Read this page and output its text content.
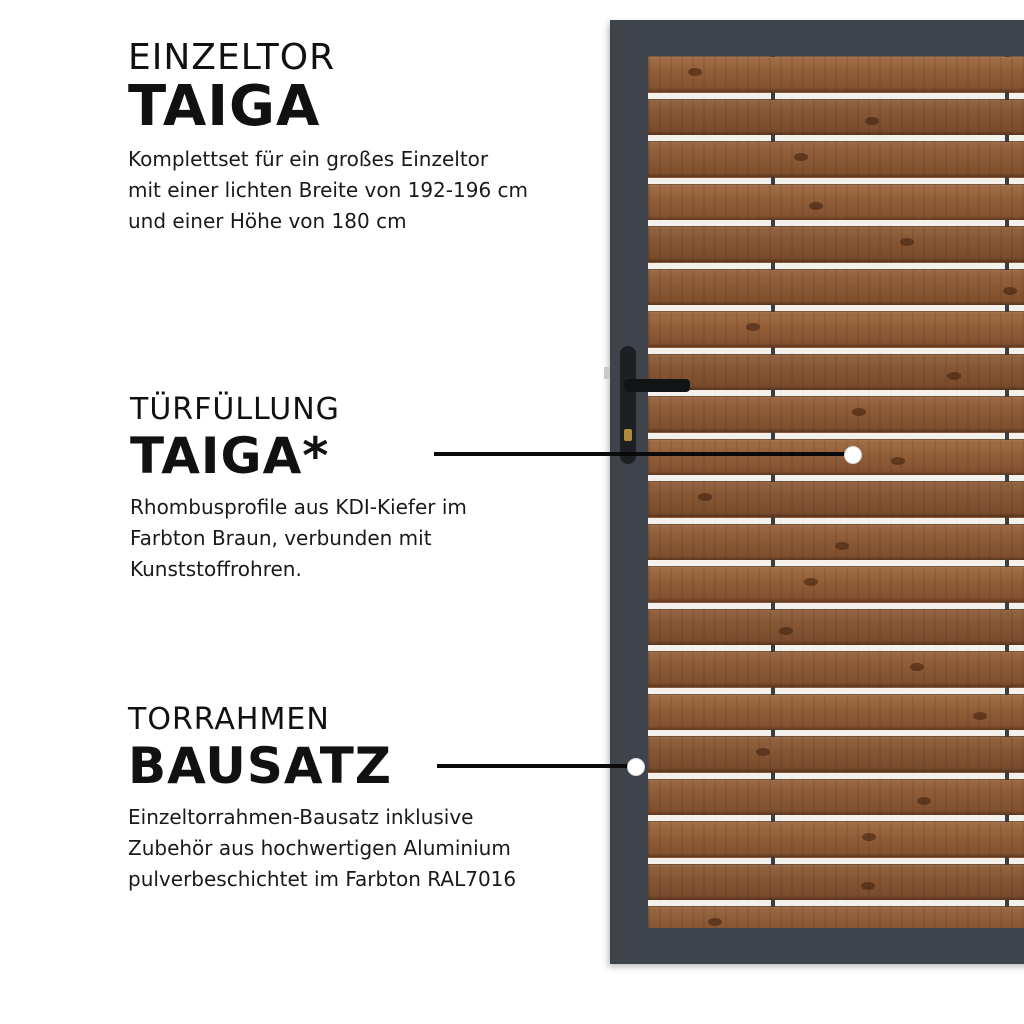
EINZELTOR
TAIGA
Komplettset für ein großes Einzeltor
mit einer lichten Breite von 192-196 cm
und einer Höhe von 180 cm
TÜRFÜLLUNG
TAIGA*
Rhombusprofile aus KDI-Kiefer im
Farbton Braun, verbunden mit
Kunststoffrohren.
TORRAHMEN
BAUSATZ
Einzeltorrahmen-Bausatz inklusive
Zubehör aus hochwertigen Aluminium
pulverbeschichtet im Farbton RAL7016
